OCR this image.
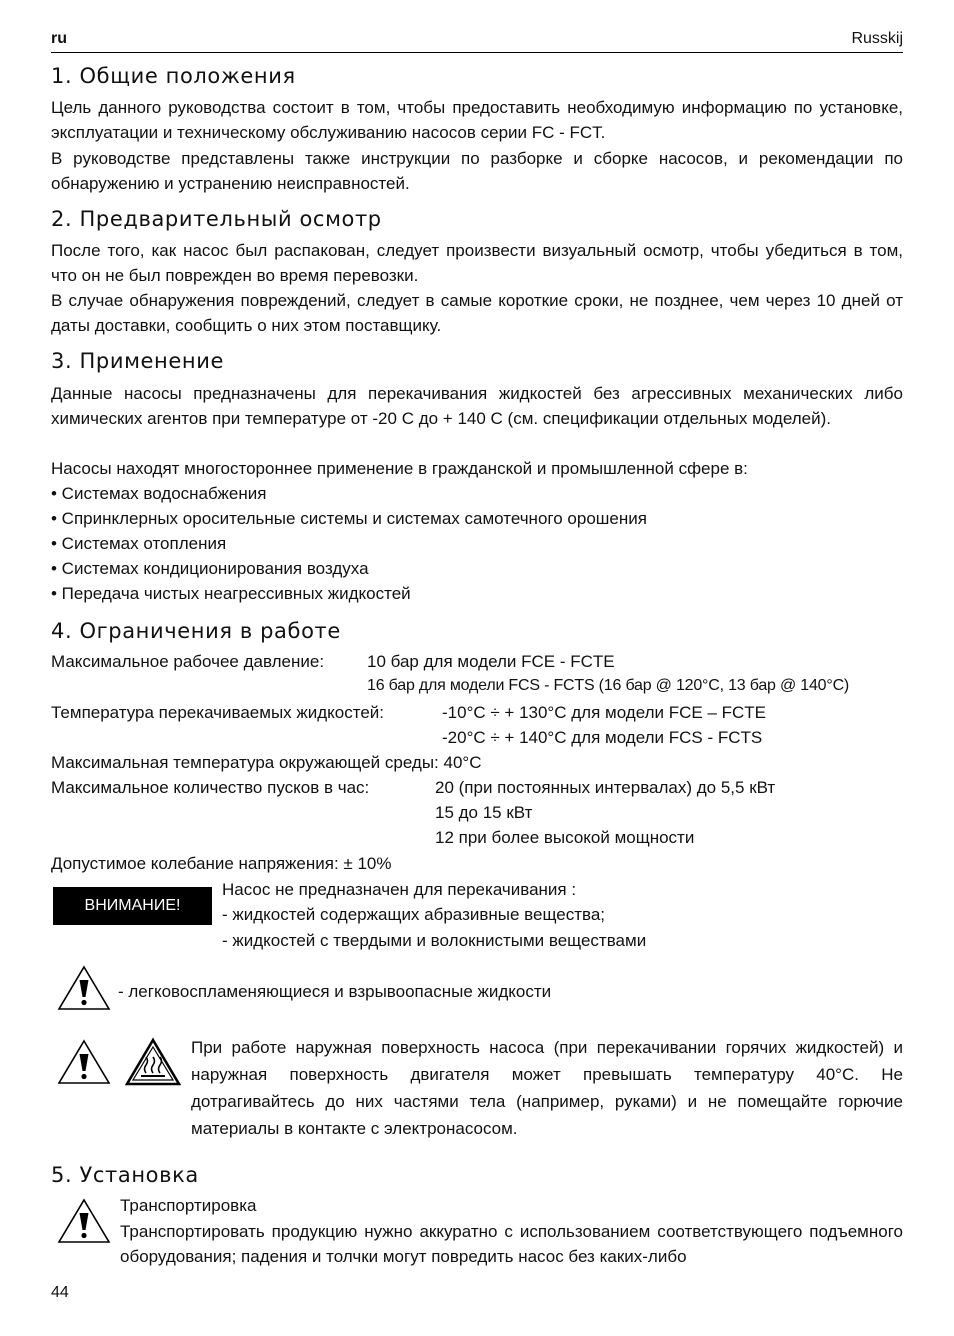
ru	Russkij
1. Общие положения
Цель данного руководства состоит в том, чтобы предоставить необходимую информацию по установке, эксплуатации и техническому обслуживанию насосов серии FC - FCT.
В руководстве представлены также инструкции по разборке и сборке насосов, и рекомендации по обнаружению и устранению неисправностей.
2. Предварительный осмотр
После того, как насос был распакован, следует произвести визуальный осмотр, чтобы убедиться в том, что он не был поврежден во время перевозки.
В случае обнаружения повреждений, следует в самые короткие сроки, не позднее, чем через 10 дней от даты доставки, сообщить о них этом поставщику.
3. Применение
Данные насосы предназначены для перекачивания жидкостей без агрессивных механических либо химических агентов при температуре от -20 С до + 140 С (см. спецификации отдельных моделей).
Насосы находят многостороннее применение в гражданской и промышленной сфере в:
• Системах водоснабжения
• Спринклерных оросительные системы и системах самотечного орошения
• Системах отопления
• Системах кондиционирования воздуха
• Передача чистых неагрессивных жидкостей
4. Ограничения в работе
Максимальное рабочее давление:	10 бар для модели FCE - FCTE
16 бар для модели FCS - FCTS (16 бар @ 120°C, 13 бар @ 140°C)
Температура перекачиваемых жидкостей:	-10°C ÷ + 130°C для модели FCE – FCTE
-20°C ÷ + 140°C для модели FCS - FCTS
Максимальная температура окружающей среды: 40°C
Максимальное количество пусков в час:	20 (при постоянных интервалах) до 5,5 кВт
15 до 15 кВт
12 при более высокой мощности
Допустимое колебание напряжения: ± 10%
ВНИМАНИЕ!
Насос не предназначен для перекачивания :
- жидкостей содержащих абразивные вещества;
- жидкостей с твердыми и волокнистыми веществами
- легковоспламеняющиеся и взрывоопасные жидкости
При работе наружная поверхность насоса (при перекачивании горячих жидкостей) и наружная поверхность двигателя может превышать температуру 40°C. Не дотрагивайтесь до них частями тела (например, руками) и не помещайте горючие материалы в контакте с электронасосом.
5. Установка
Транспортировка
Транспортировать продукцию нужно аккуратно с использованием соответствующего подъемного оборудования; падения и толчки могут повредить насос без каких-либо
44
